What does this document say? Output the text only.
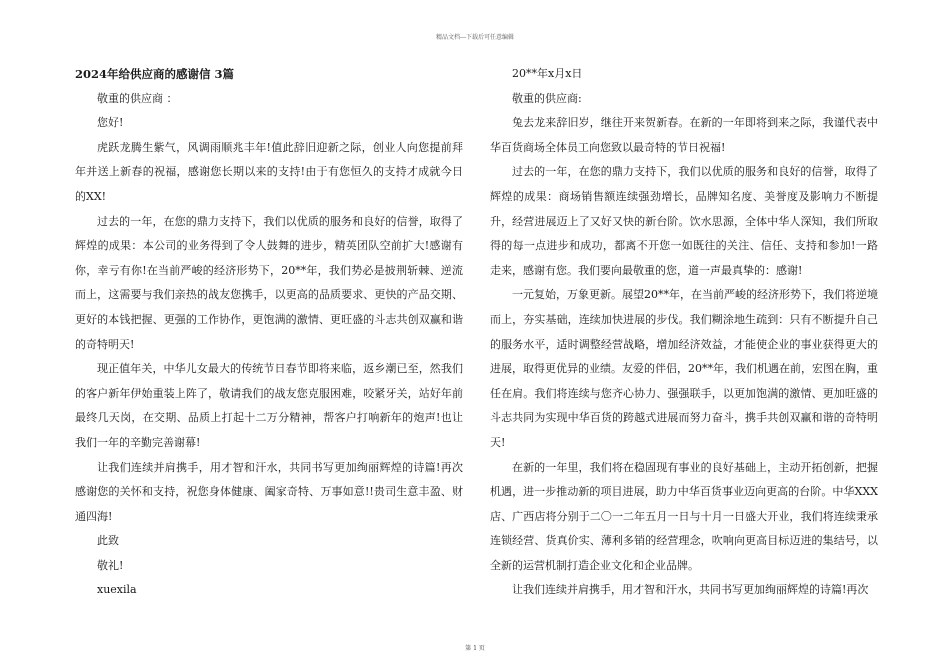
精品文档---下载后可任意编辑

2024年给供应商的感谢信 3篇

敬重的供应商 ：

您好!

虎跃龙腾生紫气，风调雨顺兆丰年!值此辞旧迎新之际，创业人向您提前拜年并送上新春的祝福，感谢您长期以来的支持!由于有您恒久的支持才成就今日的XX!

过去的一年，在您的鼎力支持下，我们以优质的服务和良好的信誉，取得了辉煌的成果：本公司的业务得到了令人鼓舞的进步，精英团队空前扩大!感谢有你，幸亏有你!在当前严峻的经济形势下，20**年，我们势必是披荆斩棘、逆流而上，这需要与我们亲热的战友您携手，以更高的品质要求、更快的产品交期、更好的本钱把握、更强的工作协作，更饱满的激情、更旺盛的斗志共创双赢和谐的奇特明天!

现正值年关，中华儿女最大的传统节日春节即将来临，返乡潮已至，然我们的客户新年伊始重装上阵了，敬请我们的战友您克服困难，咬紧牙关，站好年前最终几天岗，在交期、品质上打起十二万分精神，帮客户打响新年的炮声!也让我们一年的辛勤完善谢幕!

让我们连续并肩携手，用才智和汗水，共同书写更加绚丽辉煌的诗篇!再次感谢您的关怀和支持，祝您身体健康、阖家奇特、万事如意!!贵司生意丰盈、财通四海!

此致

敬礼!

xuexila

20**年x月x日

敬重的供应商:

兔去龙来辞旧岁，继往开来贺新春。在新的一年即将到来之际，我谨代表中华百货商场全体员工向您致以最奇特的节日祝福!

过去的一年，在您的鼎力支持下，我们以优质的服务和良好的信誉，取得了辉煌的成果：商场销售额连续强劲增长，品牌知名度、美誉度及影响力不断提升，经营进展迈上了又好又快的新台阶。饮水思源，全体中华人深知，我们所取得的每一点进步和成功，都离不开您一如既往的关注、信任、支持和参加!一路走来，感谢有您。我们要向最敬重的您，道一声最真挚的：感谢!

一元复始，万象更新。展望20**年，在当前严峻的经济形势下，我们将逆境而上，夯实基础，连续加快进展的步伐。我们糊涂地生疏到：只有不断提升自己的服务水平，适时调整经营战略，增加经济效益，才能使企业的事业获得更大的进展，取得更优异的业绩。友爱的伴侣，20**年，我们机遇在前，宏图在胸，重任在肩。我们将连续与您齐心协力、强强联手，以更加饱满的激情、更加旺盛的斗志共同为实现中华百货的跨越式进展而努力奋斗，携手共创双赢和谐的奇特明天!

在新的一年里，我们将在稳固现有事业的良好基础上，主动开拓创新，把握机遇，进一步推动新的项目进展，助力中华百货事业迈向更高的台阶。中华XXX店、广西店将分别于二〇一二年五月一日与十月一日盛大开业，我们将连续秉承连锁经营、货真价实、薄利多销的经营理念，吹响向更高目标迈进的集结号，以全新的运营机制打造企业文化和企业品牌。

让我们连续并肩携手，用才智和汗水，共同书写更加绚丽辉煌的诗篇!再次

第 1 页
